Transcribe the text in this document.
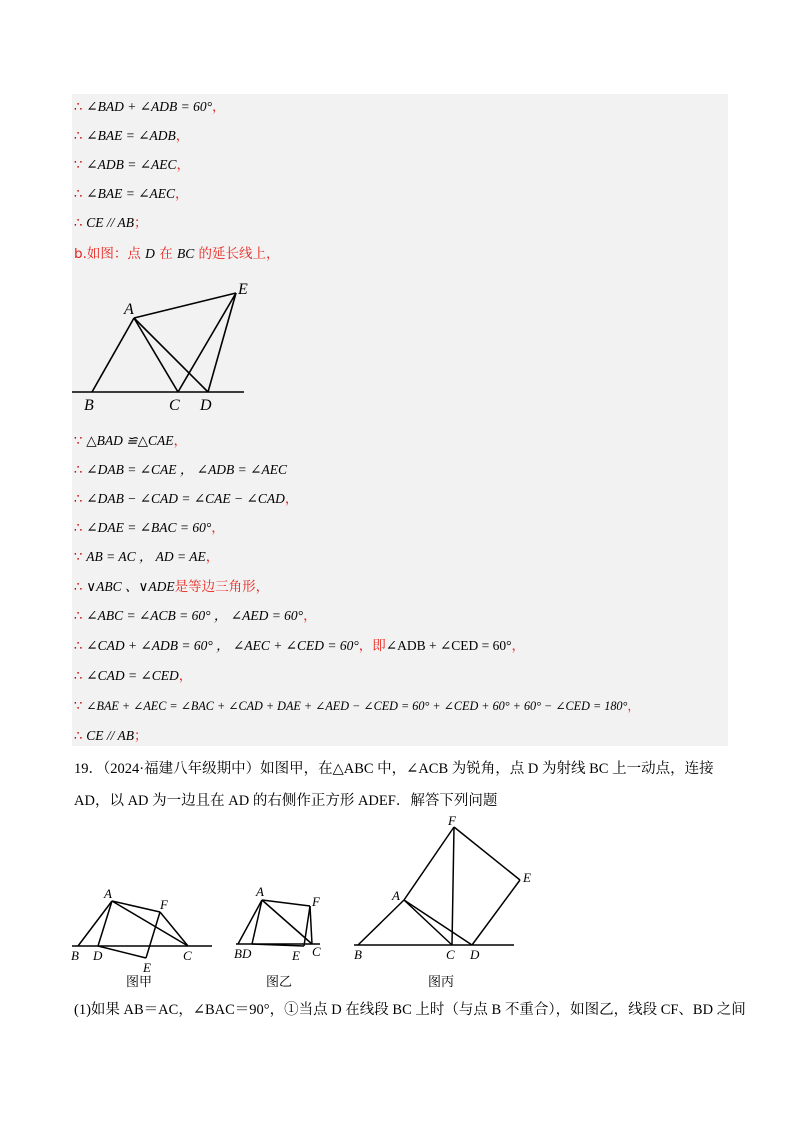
∴ ∠BAD + ∠ADB = 60°，
∴ ∠BAE = ∠ADB，
∵ ∠ADB = ∠AEC，
∴ ∠BAE = ∠AEC，
∴ CE // AB；
b.如图：点 D 在 BC 的延长线上，
A
E
B	C D
∵ △BAD ≌△CAE，
∴ ∠DAB = ∠CAE ， ∠ADB = ∠AEC
∴ ∠DAB − ∠CAD = ∠CAE − ∠CAD，
∴ ∠DAE = ∠BAC = 60°，
∵ AB = AC ， AD = AE，
∴ ∨ABC 、∨ADE是等边三角形，
∴ ∠ABC = ∠ACB = 60° ， ∠AED = 60°，
∴ ∠CAD + ∠ADB = 60° ， ∠AEC + ∠CED = 60°，即∠ADB + ∠CED = 60°，
∴ ∠CAD = ∠CED，
∵ ∠BAE + ∠AEC = ∠BAC + ∠CAD + DAE + ∠AED − ∠CED = 60° + ∠CED + 60° + 60° − ∠CED = 180°，
∴ CE // AB；
19．（2024·福建八年级期中）如图甲，在△ABC 中，∠ACB 为锐角，点 D 为射线 BC 上一动点，连接
AD，以 AD 为一边且在 AD 的右侧作正方形 ADEF．解答下列问题
A
F
B D
E
C
图甲
A
F
BD	E C
图乙
F
E
A
B	C D
图丙
(1)如果 AB＝AC，∠BAC＝90°，①当点 D 在线段 BC 上时（与点 B 不重合），如图乙，线段 CF、BD 之间
